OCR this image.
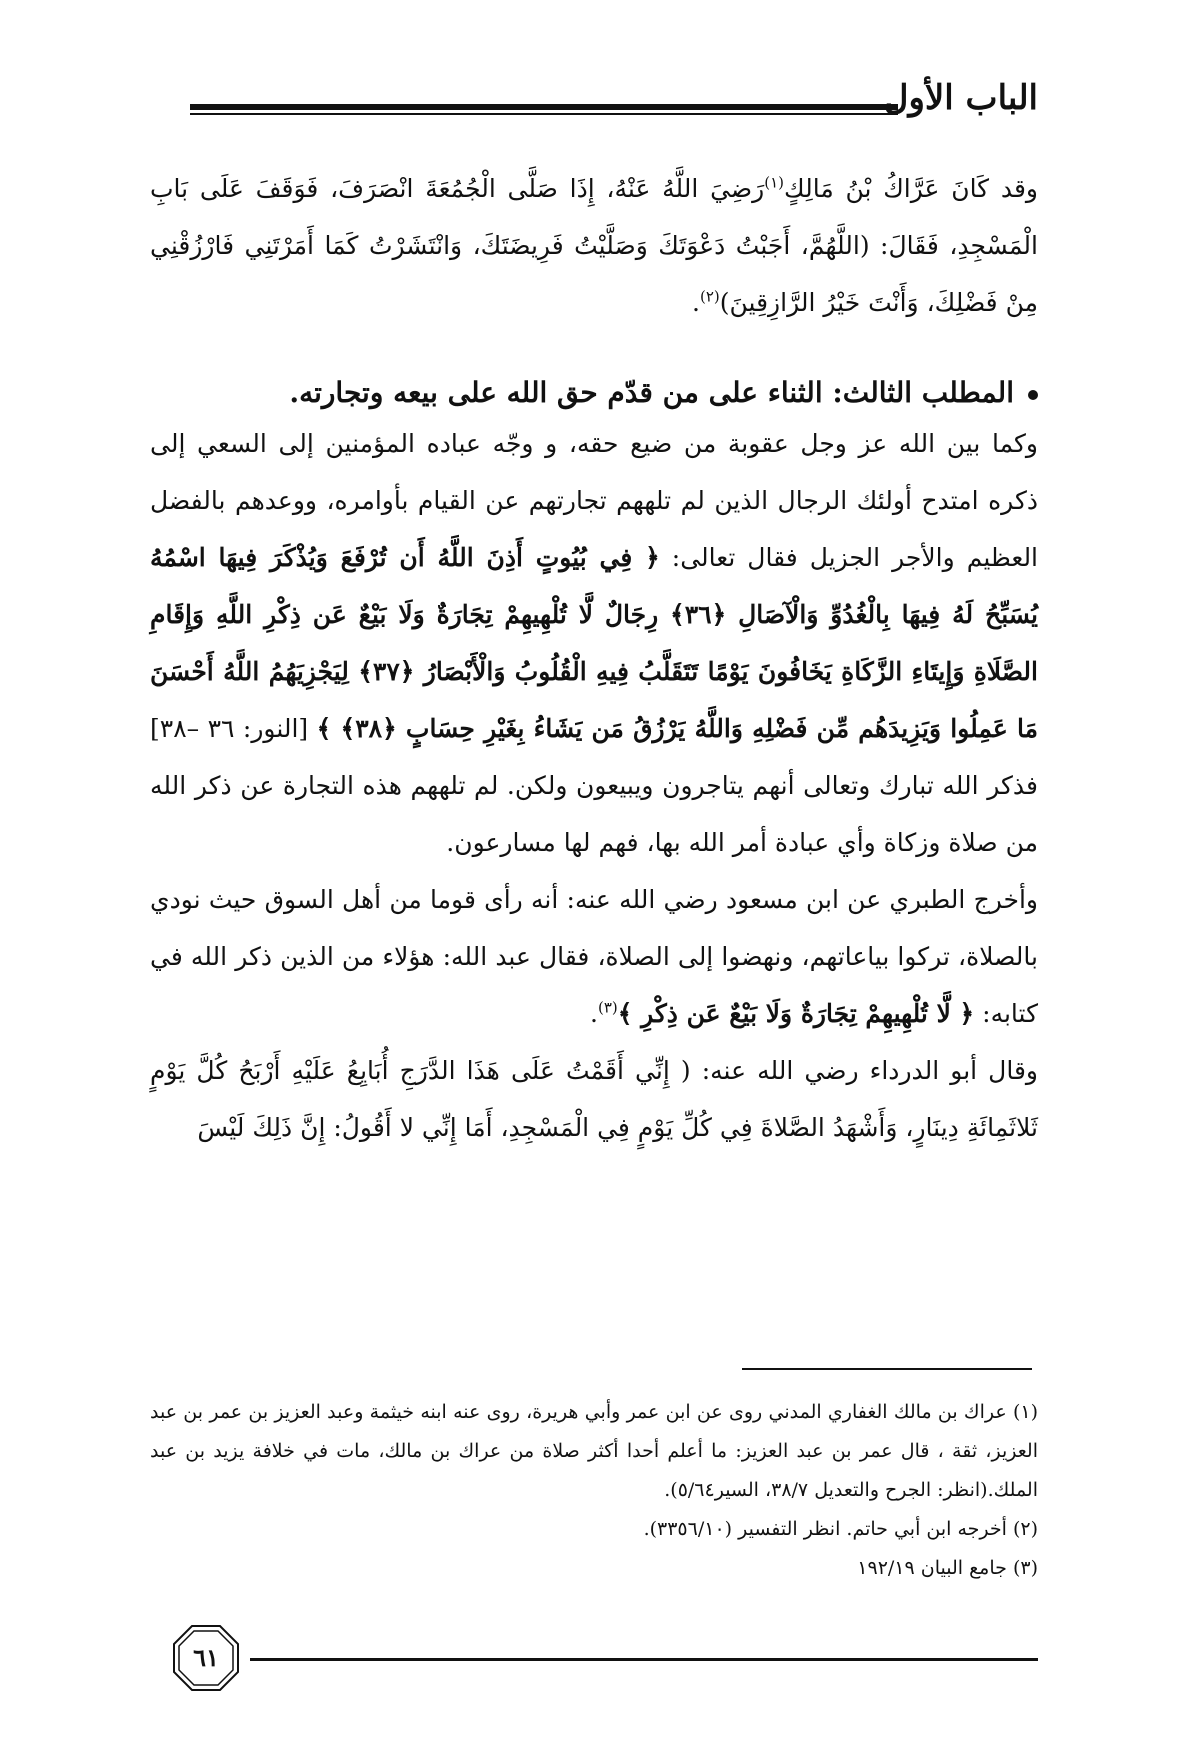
الباب الأول

وقد كَانَ عَرَّاكُ بْنُ مَالِكٍ$^{(١)}$رَضِيَ اللَّهُ عَنْهُ، إِذَا صَلَّى الْجُمُعَةَ انْصَرَفَ، فَوَقَفَ عَلَى بَابِ الْمَسْجِدِ، فَقَالَ: (اللَّهُمَّ، أَجَبْتُ دَعْوَتَكَ وَصَلَّيْتُ فَرِيضَتَكَ، وَانْتَشَرْتُ كَمَا أَمَرْتَنِي فَارْزُقْنِي مِنْ فَضْلِكَ، وَأَنْتَ خَيْرُ الرَّازِقِينَ)$^{(٢)}$.

المطلب الثالث: الثناء على من قدّم حق الله على بيعه وتجارته.

وكما بين الله عز وجل عقوبة من ضيع حقه، و وجّه عباده المؤمنين إلى السعي إلى ذكره امتدح أولئك الرجال الذين لم تلههم تجارتهم عن القيام بأوامره، ووعدهم بالفضل العظيم والأجر الجزيل فقال تعالى: ﴿ فِي بُيُوتٍ أَذِنَ اللَّهُ أَن تُرْفَعَ وَيُذْكَرَ فِيهَا اسْمُهُ يُسَبِّحُ لَهُ فِيهَا بِالْغُدُوِّ وَالْآصَالِ ﴿٣٦﴾ رِجَالٌ لَّا تُلْهِيهِمْ تِجَارَةٌ وَلَا بَيْعٌ عَن ذِكْرِ اللَّهِ وَإِقَامِ الصَّلَاةِ وَإِيتَاءِ الزَّكَاةِ يَخَافُونَ يَوْمًا تَتَقَلَّبُ فِيهِ الْقُلُوبُ وَالْأَبْصَارُ ﴿٣٧﴾ لِيَجْزِيَهُمُ اللَّهُ أَحْسَنَ مَا عَمِلُوا وَيَزِيدَهُم مِّن فَضْلِهِ وَاللَّهُ يَرْزُقُ مَن يَشَاءُ بِغَيْرِ حِسَابٍ ﴿٣٨﴾ ﴾ [النور: ٣٦ –٣٨] فذكر الله تبارك وتعالى أنهم يتاجرون ويبيعون ولكن. لم تلههم هذه التجارة عن ذكر الله من صلاة وزكاة وأي عبادة أمر الله بها، فهم لها مسارعون.

وأخرج الطبري عن ابن مسعود رضي الله عنه: أنه رأى قوما من أهل السوق حيث نودي بالصلاة، تركوا بياعاتهم، ونهضوا إلى الصلاة، فقال عبد الله: هؤلاء من الذين ذكر الله في كتابه: ﴿ لَّا تُلْهِيهِمْ تِجَارَةٌ وَلَا بَيْعٌ عَن ذِكْرِ ﴾$^{(٣)}$.

وقال أبو الدرداء رضي الله عنه: ( إِنِّي أَقَمْتُ عَلَى هَذَا الدَّرَجِ أُبَايِعُ عَلَيْهِ أَرْبَحُ كُلَّ يَوْمٍ ثَلاثَمِائَةِ دِينَارٍ، وَأَشْهَدُ الصَّلاةَ فِي كُلِّ يَوْمٍ فِي الْمَسْجِدِ، أَمَا إِنِّي لا أَقُولُ: إِنَّ ذَلِكَ لَيْسَ

(١) عراك بن مالك الغفاري المدني روى عن ابن عمر وأبي هريرة، روى عنه ابنه خيثمة وعبد العزيز بن عمر بن عبد العزيز، ثقة ، قال عمر بن عبد العزيز: ما أعلم أحدا أكثر صلاة من عراك بن مالك، مات في خلافة يزيد بن عبد الملك.(انظر: الجرح والتعديل ٣٨/٧، السير٥/٦٤).

(٢) أخرجه ابن أبي حاتم. انظر التفسير (٣٣٥٦/١٠).

(٣) جامع البيان ١٩٢/١٩

٦١
